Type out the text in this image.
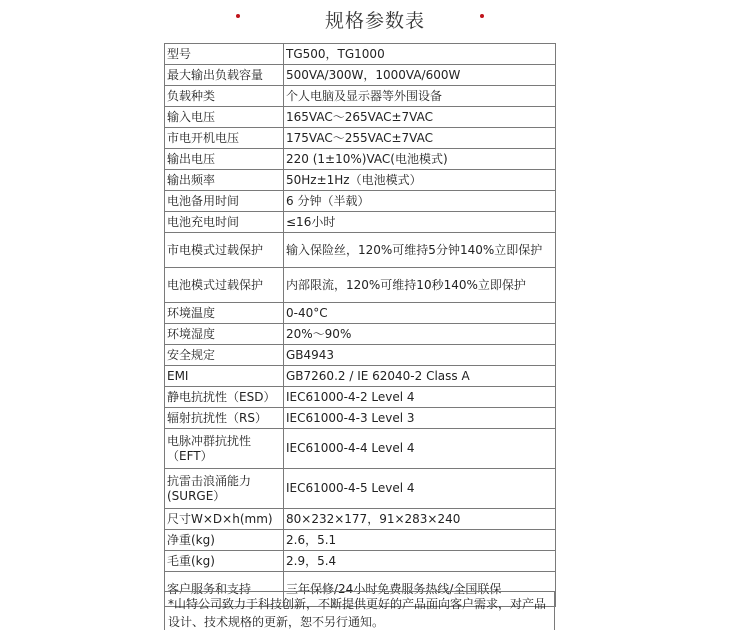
规格参数表
型号	TG500，TG1000
最大输出负载容量	500VA/300W，1000VA/600W
负载种类	个人电脑及显示器等外围设备
输入电压	165VAC～265VAC±7VAC
市电开机电压	175VAC～255VAC±7VAC
输出电压	220 (1±10%)VAC(电池模式)
输出频率	50Hz±1Hz（电池模式）
电池备用时间	6 分钟（半载）
电池充电时间	≤16小时
市电模式过载保护	输入保险丝，120%可维持5分钟140%立即保护
电池模式过载保护	内部限流，120%可维持10秒140%立即保护
环境温度	0-40°C
环境湿度	20%～90%
安全规定	GB4943
EMI	GB7260.2 / IE 62040-2 Class A
静电抗扰性（ESD）	IEC61000-4-2 Level 4
辐射抗扰性（RS）	IEC61000-4-3 Level 3
电脉冲群抗扰性（EFT）	IEC61000-4-4 Level 4
抗雷击浪涌能力(SURGE）	IEC61000-4-5 Level 4
尺寸W×D×h(mm)	80×232×177，91×283×240
净重(kg)	2.6，5.1
毛重(kg)	2.9，5.4
客户服务和支持	三年保修/24小时免费服务热线/全国联保
*山特公司致力于科技创新，不断提供更好的产品面向客户需求，对产品设计、技术规格的更新，恕不另行通知。
